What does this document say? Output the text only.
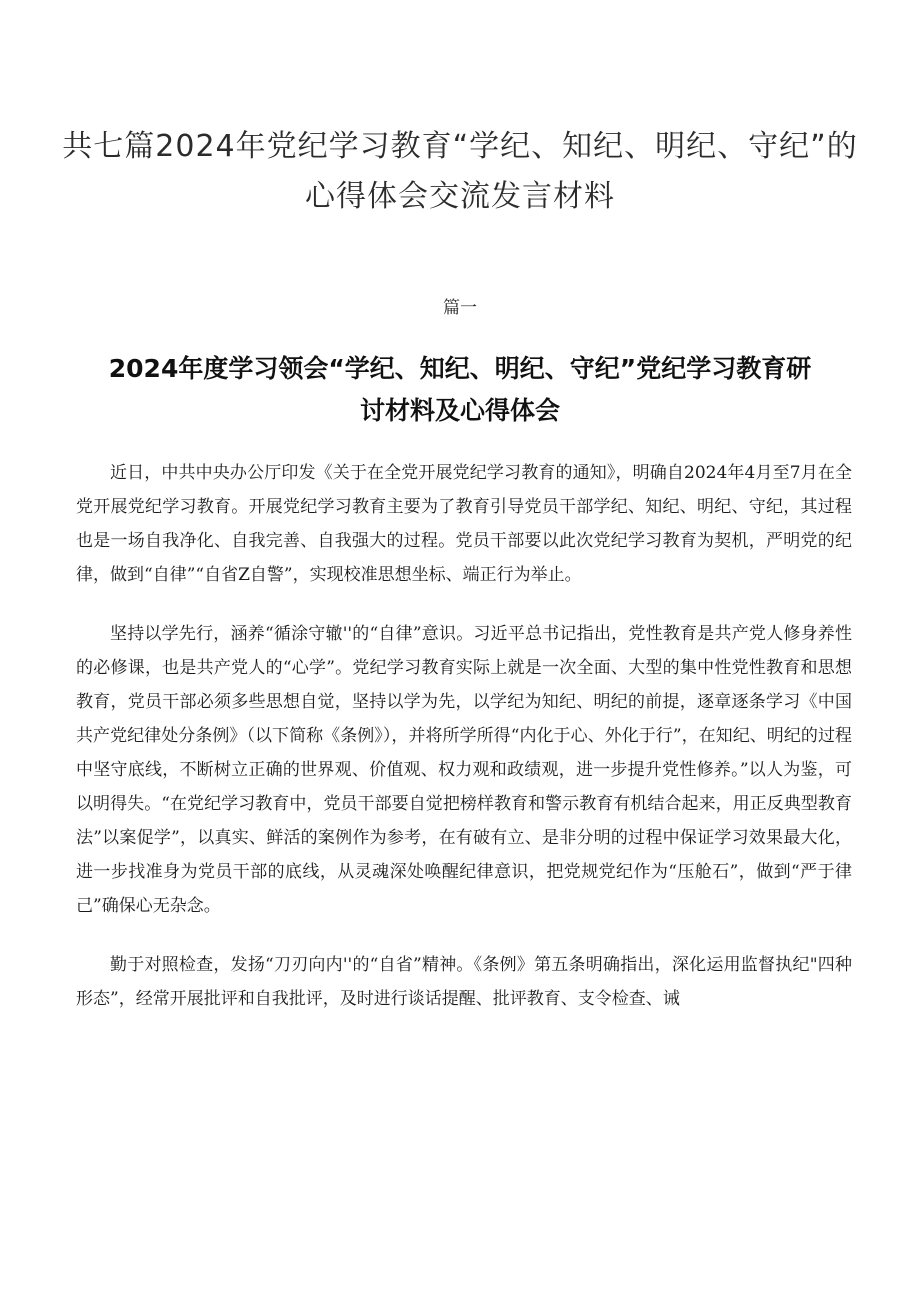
共七篇2024年党纪学习教育“学纪、知纪、明纪、守纪”的心得体会交流发言材料
篇一
2024年度学习领会“学纪、知纪、明纪、守纪”党纪学习教育研讨材料及心得体会

近日，中共中央办公厅印发《关于在全党开展党纪学习教育的通知》，明确自2024年4月至7月在全党开展党纪学习教育。开展党纪学习教育主要为了教育引导党员干部学纪、知纪、明纪、守纪，其过程也是一场自我净化、自我完善、自我强大的过程。党员干部要以此次党纪学习教育为契机，严明党的纪律，做到“自律”“自省Z自警”，实现校准思想坐标、端正行为举止。

坚持以学先行，涵养“循涂守辙''的“自律”意识。习近平总书记指出，党性教育是共产党人修身养性的必修课，也是共产党人的“心学”。党纪学习教育实际上就是一次全面、大型的集中性党性教育和思想教育，党员干部必须多些思想自觉，坚持以学为先，以学纪为知纪、明纪的前提，逐章逐条学习《中国共产党纪律处分条例》（以下简称《条例》），并将所学所得“内化于心、外化于行”，在知纪、明纪的过程中坚守底线，不断树立正确的世界观、价值观、权力观和政绩观，进一步提升党性修养。”以人为鉴，可以明得失。“在党纪学习教育中，党员干部要自觉把榜样教育和警示教育有机结合起来，用正反典型教育法”以案促学”，以真实、鲜活的案例作为参考，在有破有立、是非分明的过程中保证学习效果最大化，进一步找准身为党员干部的底线，从灵魂深处唤醒纪律意识，把党规党纪作为“压舱石”，做到“严于律己”确保心无杂念。

勤于对照检查，发扬“刀刃向内''的“自省”精神。《条例》第五条明确指出，深化运用监督执纪"四种形态”，经常开展批评和自我批评，及时进行谈话提醒、批评教育、支令检查、诫
